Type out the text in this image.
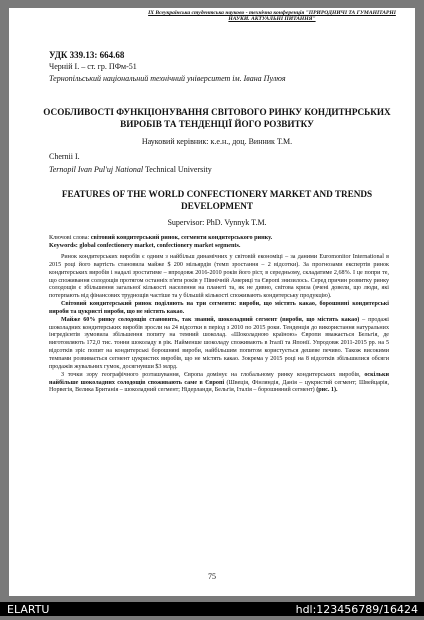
IX Всеукраїнська студентська науково - технічна конференція "ПРИРОДНИЧІ ТА ГУМАНІТАРНІ НАУКИ. АКТУАЛЬНІ ПИТАННЯ"
УДК 339.13: 664.68
Черній І. – ст. гр. ПФм-51
Тернопільський національний технічний університет ім. Івана Пулюя
ОСОБЛИВОСТІ ФУНКЦІОНУВАННЯ СВІТОВОГО РИНКУ КОНДИТНРСЬКИХ ВИРОБІВ ТА ТЕНДЕНЦІЇ ЙОГО РОЗВИТКУ
Науковий керівник: к.е.н., доц. Винник Т.М.
Chernii I.
Ternopil Ivan Pul'uj National Technical University
FEATURES OF THE WORLD CONFECTIONERY MARKET AND TRENDS DEVELOPMENT
Supervisor: PhD. Vynnyk T.M.
Ключові слова: світовий кондитерський ринок, сегменти кондитерського ринку.
Keywords: global confectionery market, confectionery market segments.

Ринок кондитерських виробів є одним з найбільш динамічних у світовій економіці – за даними Euromonitor International в 2015 році його вартість становила майже $ 200 мільярдів (темп зростання – 2 відсотки). За прогнозами експертів ринок кондитерських виробів і надалі зростатиме – впродовж 2016-2010 років його ріст, в середньому, складатиме 2,68%. І це попри те, що споживання солодощів протягом останніх п'яти років у Північній Америці та Європі знизилось. Серед причин розвитку ринку солодощів є збільшення загальної кількості населення на планеті та, як не дивно, світова криза (вчені довели, що люди, які потерпають від фінансових труднощів частіше та у більшій кількості споживають кондитерську продукцію).

Світовий кондитерський ринок поділяють на три сегменти: вироби, що містять какао, борошняні кондитерські вироби та цукристі вироби, що не містять какао.

Майже 60% ринку солодощів становить, так званий, шоколадний сегмент (вироби, що містять какао) – продажі шоколадних кондитерських виробів зросли на 24 відсотки в період з 2010 по 2015 роки. Тенденція до використання натуральних інгредієнтів зумовила збільшення попиту на темний шоколад. «Шоколадною країною» Європи вважається Бельгія, де виготовляють 172,0 тис. тонни шоколаду в рік. Найменше шоколаду споживають в Італії та Японії. Упродовж 2011-2015 рр. на 5 відсотків зріс попит на кондитерські борошняні вироби, найбільшим попитом користується дешеве печиво. Також високими темпами розвивається сегмент цукристих виробів, що не містять какао. Зокрема у 2015 році на 8 відсотків збільшилися обсяги продажів жувальних гумок, досягнувши $3 млрд.

З точки зору географічного розташування, Європа домінує на глобальному ринку кондитерських виробів, оскільки найбільше шоколадних солодощів споживають саме в Європі (Швеція, Фінляндія, Данія – цукристий сегмент; Швейцарія, Норвегія, Велика Британія – шоколадний сегмент; Нідерланди, Бельгія, Італія – борошняний сегмент) (рис. 1).

75
ELARTU	hdl:123456789/16424
